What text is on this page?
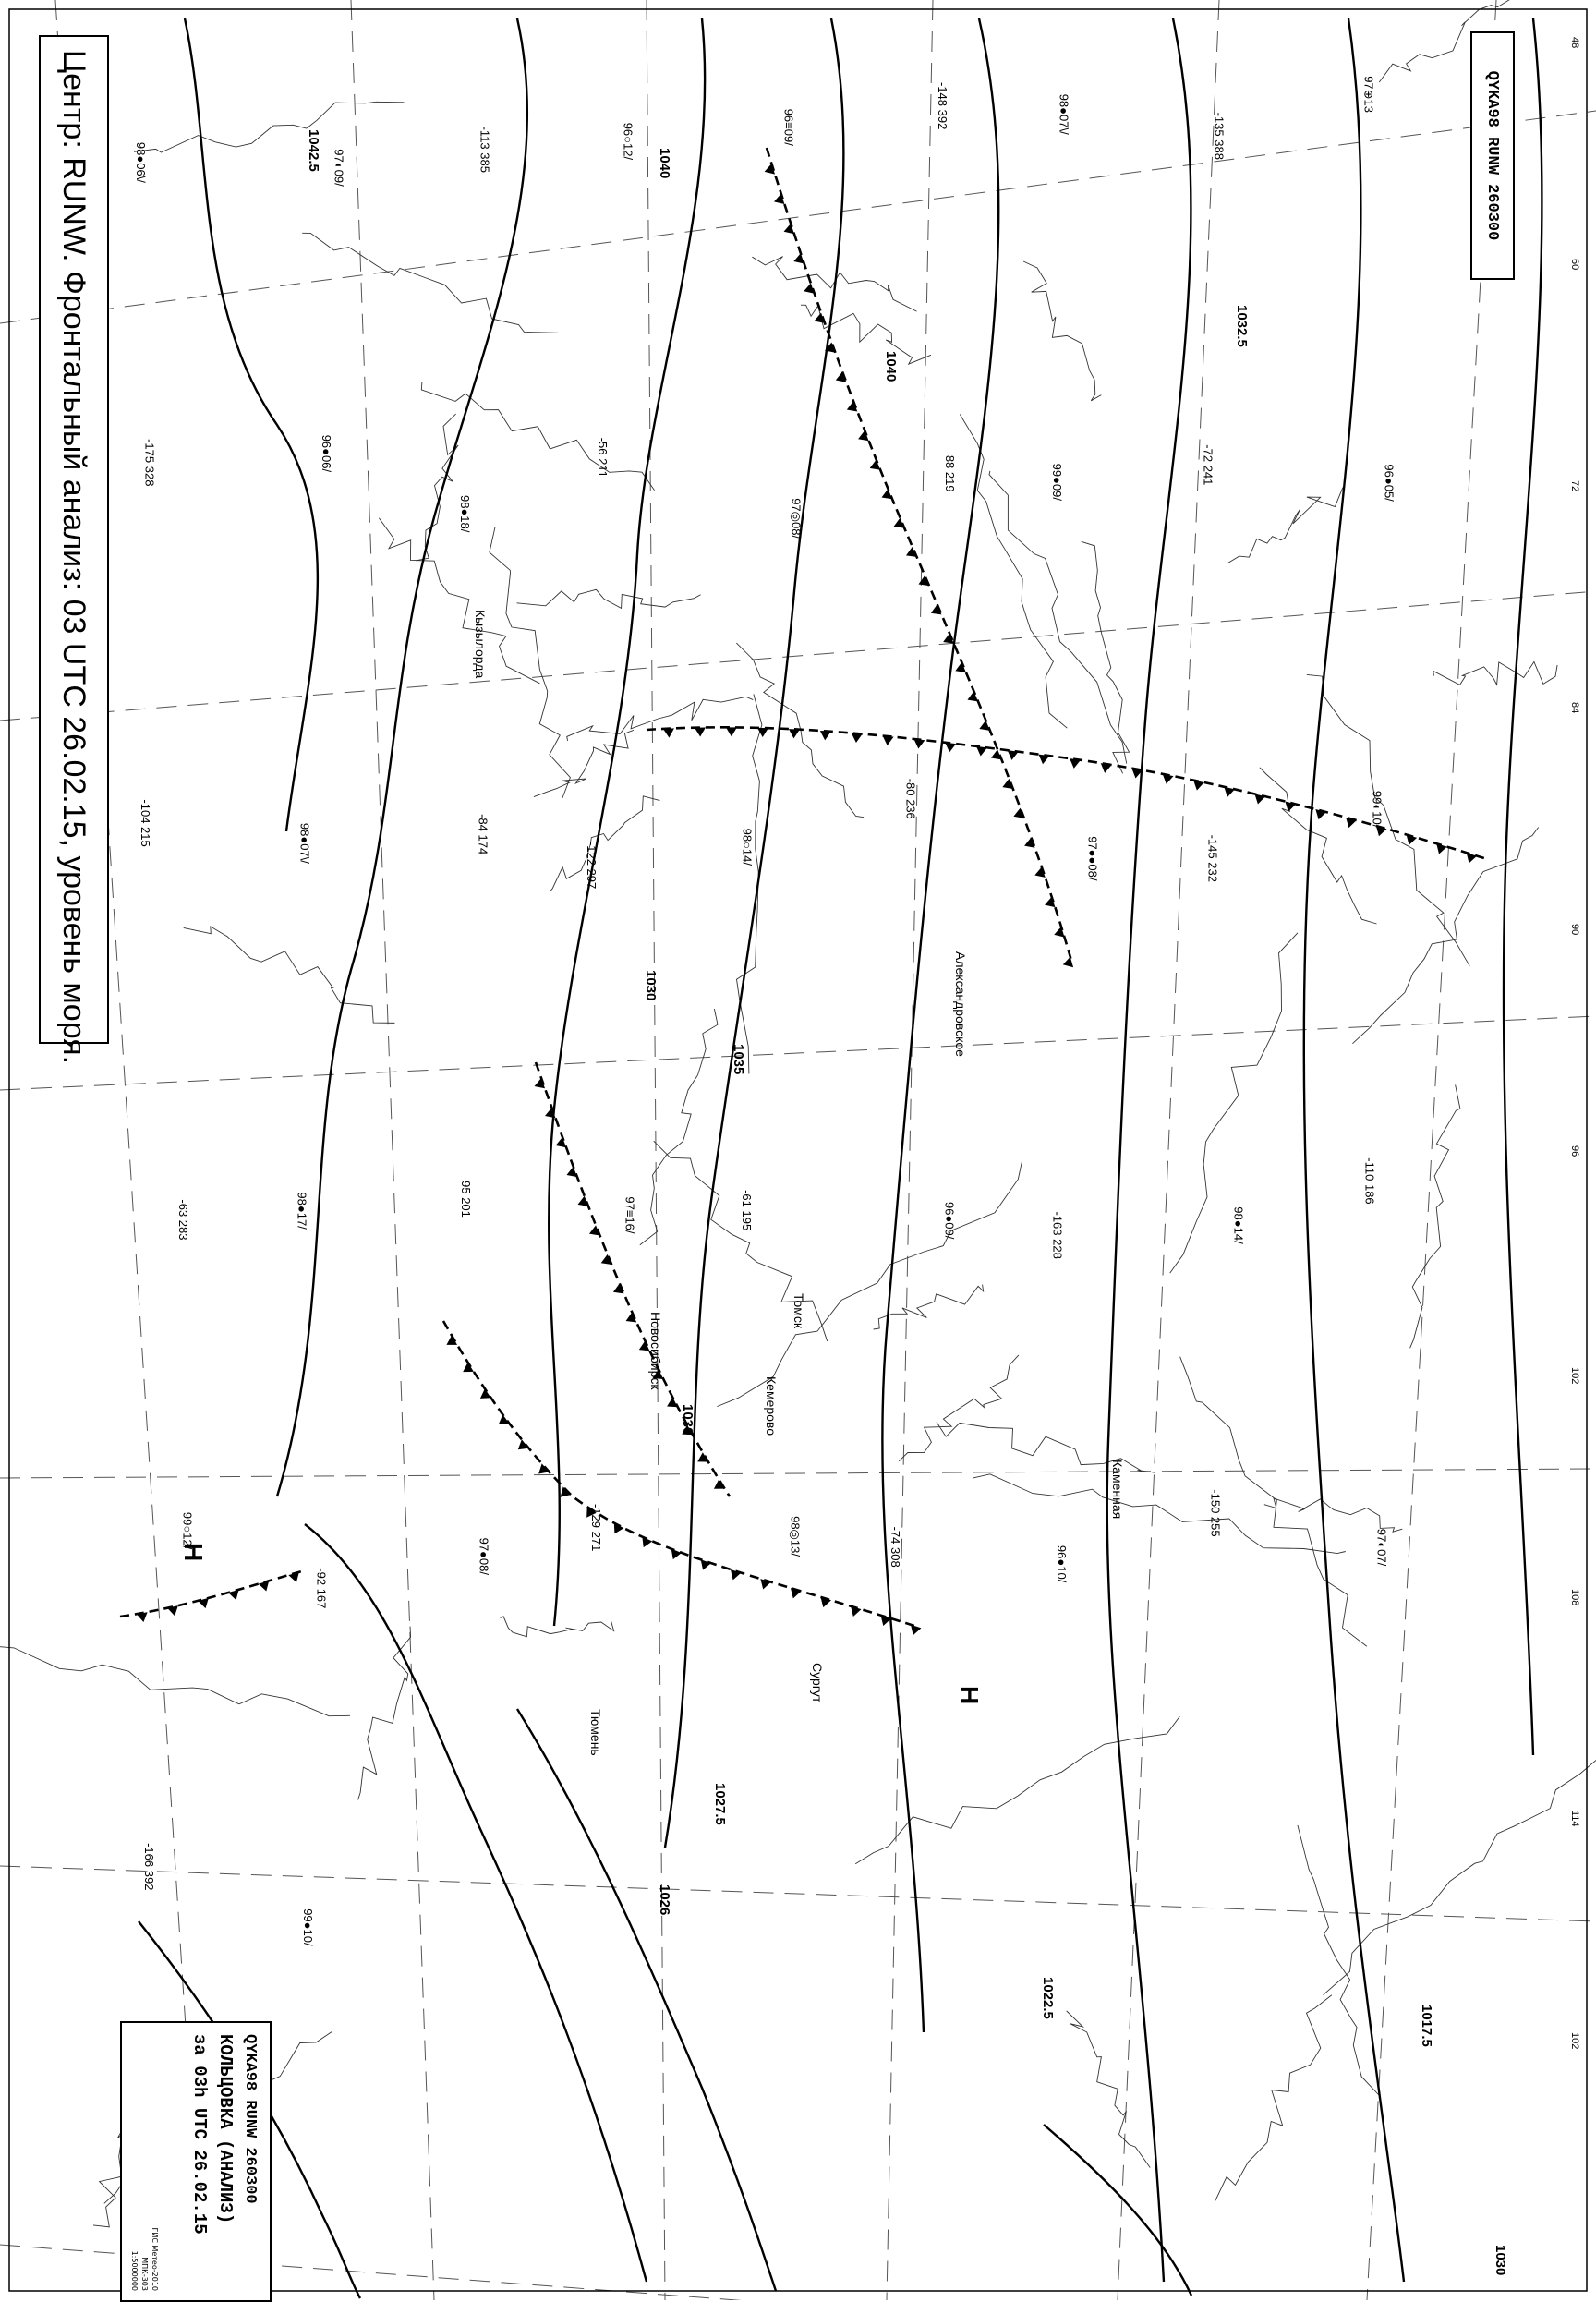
98●06\/	97◐09/	-113 385	96○12/	96≡09/	-148 392	98●07\/	-135 388
97⊕13
-175 328	96●06/
98●18/
-56 211
97◎08/
-88 219	99●09/	-72 241	96●05/
-104 215	98●07\/	-84 174
-122 297	98○14/
-80 236
97●●08/	-145 232
99◐10/
-63 283	98●17/	-95 201	97≡16/	-61 195	96●09/	-163 228	98●14/
-110 186
99○12/
-92 167
97●08/
-129 271	98◎13/	-74 308	96●10/
-150 255
97◐07/
-166 392
99●10/
1042.5	1040
1040
1035
1032.5
1030
1030
1027.5
1026
1022.5
1017.5
1030
Томск
Кемерово
Новосибирск
Кызылорда
Александровское
Каменная
Сургут
Тюмень
Н
Н
48
60
72
84
90
96
102
108
114
102
Центр: RUNW. Фронтальный анализ: 03 UTC 26.02.15, уровень моря.	QYKA98 RUNW 260300
QYKA98 RUNW 260300
КОЛЬЦОВКА (АНАЛИЗ)
за 03h UTC 26.02.15
ГИС Метео-2010
МПК-303
1:5000000
